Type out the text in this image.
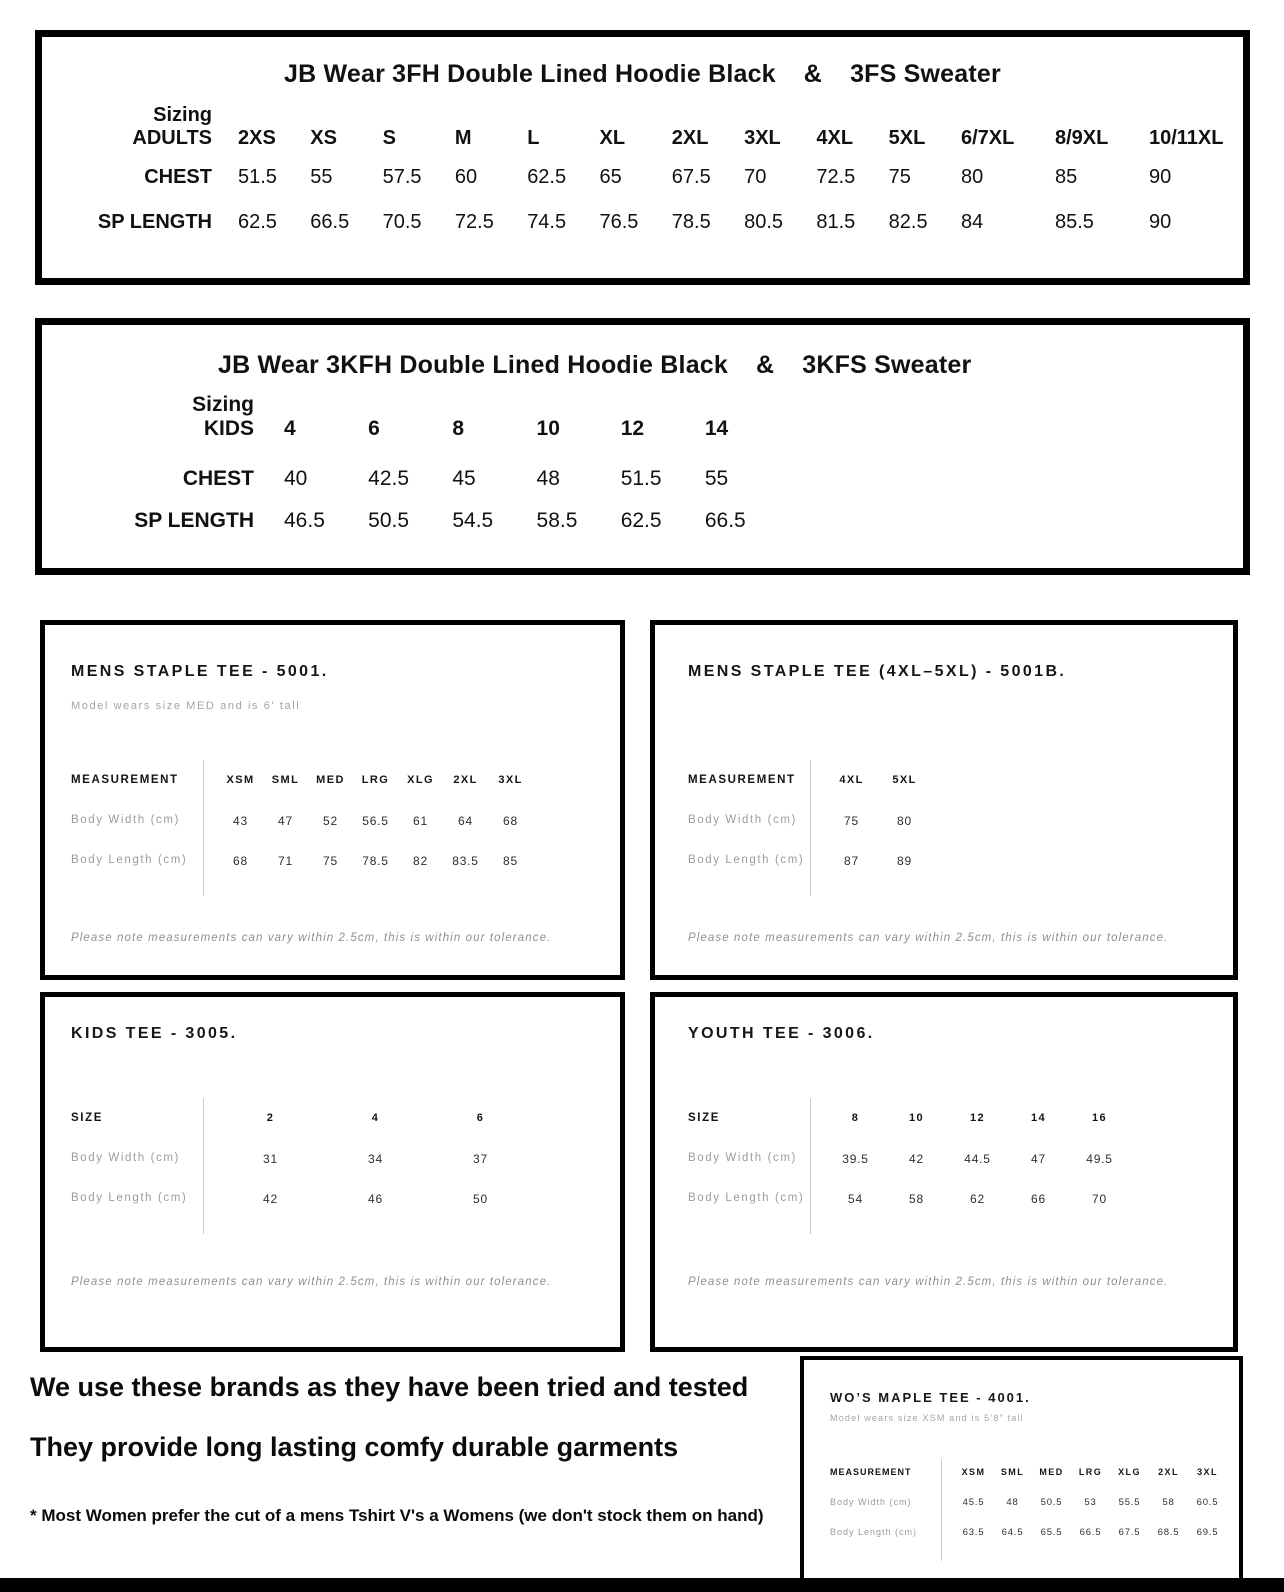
JB Wear 3FH Double Lined Hoodie Black & 3FS Sweater
Sizing
ADULTS 2XS	XS	S	M	L	XL	2XL	3XL	4XL	5XL	6/7XL	8/9XL	10/11XL
CHEST 51.5	55	57.5	60	62.5	65	67.5	70	72.5	75	80	85	90
SP LENGTH 62.5	66.5	70.5	72.5	74.5	76.5	78.5	80.5	81.5	82.5	84	85.5	90
JB Wear 3KFH Double Lined Hoodie Black & 3KFS Sweater
Sizing
KIDS 4	6	8	10	12	14
CHEST 40	42.5	45	48	51.5	55
SP LENGTH 46.5	50.5	54.5	58.5	62.5	66.5
MENS STAPLE TEE - 5001.
Model wears size MED and is 6' tall
MEASUREMENT	XSM	SML	MED	LRG	XLG	2XL	3XL
Body Width (cm)	43	47	52	56.5	61	64	68
Body Length (cm)	68	71	75	78.5	82	83.5	85
Please note measurements can vary within 2.5cm, this is within our tolerance.
MENS STAPLE TEE (4XL–5XL) - 5001B.
MEASUREMENT	4XL	5XL
Body Width (cm)	75	80
Body Length (cm)	87	89
Please note measurements can vary within 2.5cm, this is within our tolerance.
KIDS TEE - 3005.
SIZE	2	4	6
Body Width (cm)	31	34	37
Body Length (cm)	42	46	50
Please note measurements can vary within 2.5cm, this is within our tolerance.
YOUTH TEE - 3006.
SIZE	8	10	12	14	16
Body Width (cm)	39.5	42	44.5	47	49.5
Body Length (cm)	54	58	62	66	70
Please note measurements can vary within 2.5cm, this is within our tolerance.
We use these brands as they have been tried and tested
They provide long lasting comfy durable garments
* Most Women prefer the cut of a mens Tshirt V's a Womens (we don't stock them on hand)
WO’S MAPLE TEE - 4001.
Model wears size XSM and is 5'8" tall
MEASUREMENT	XSM	SML	MED	LRG	XLG	2XL	3XL
Body Width (cm)	45.5	48	50.5	53	55.5	58	60.5
Body Length (cm)	63.5	64.5	65.5	66.5	67.5	68.5	69.5
